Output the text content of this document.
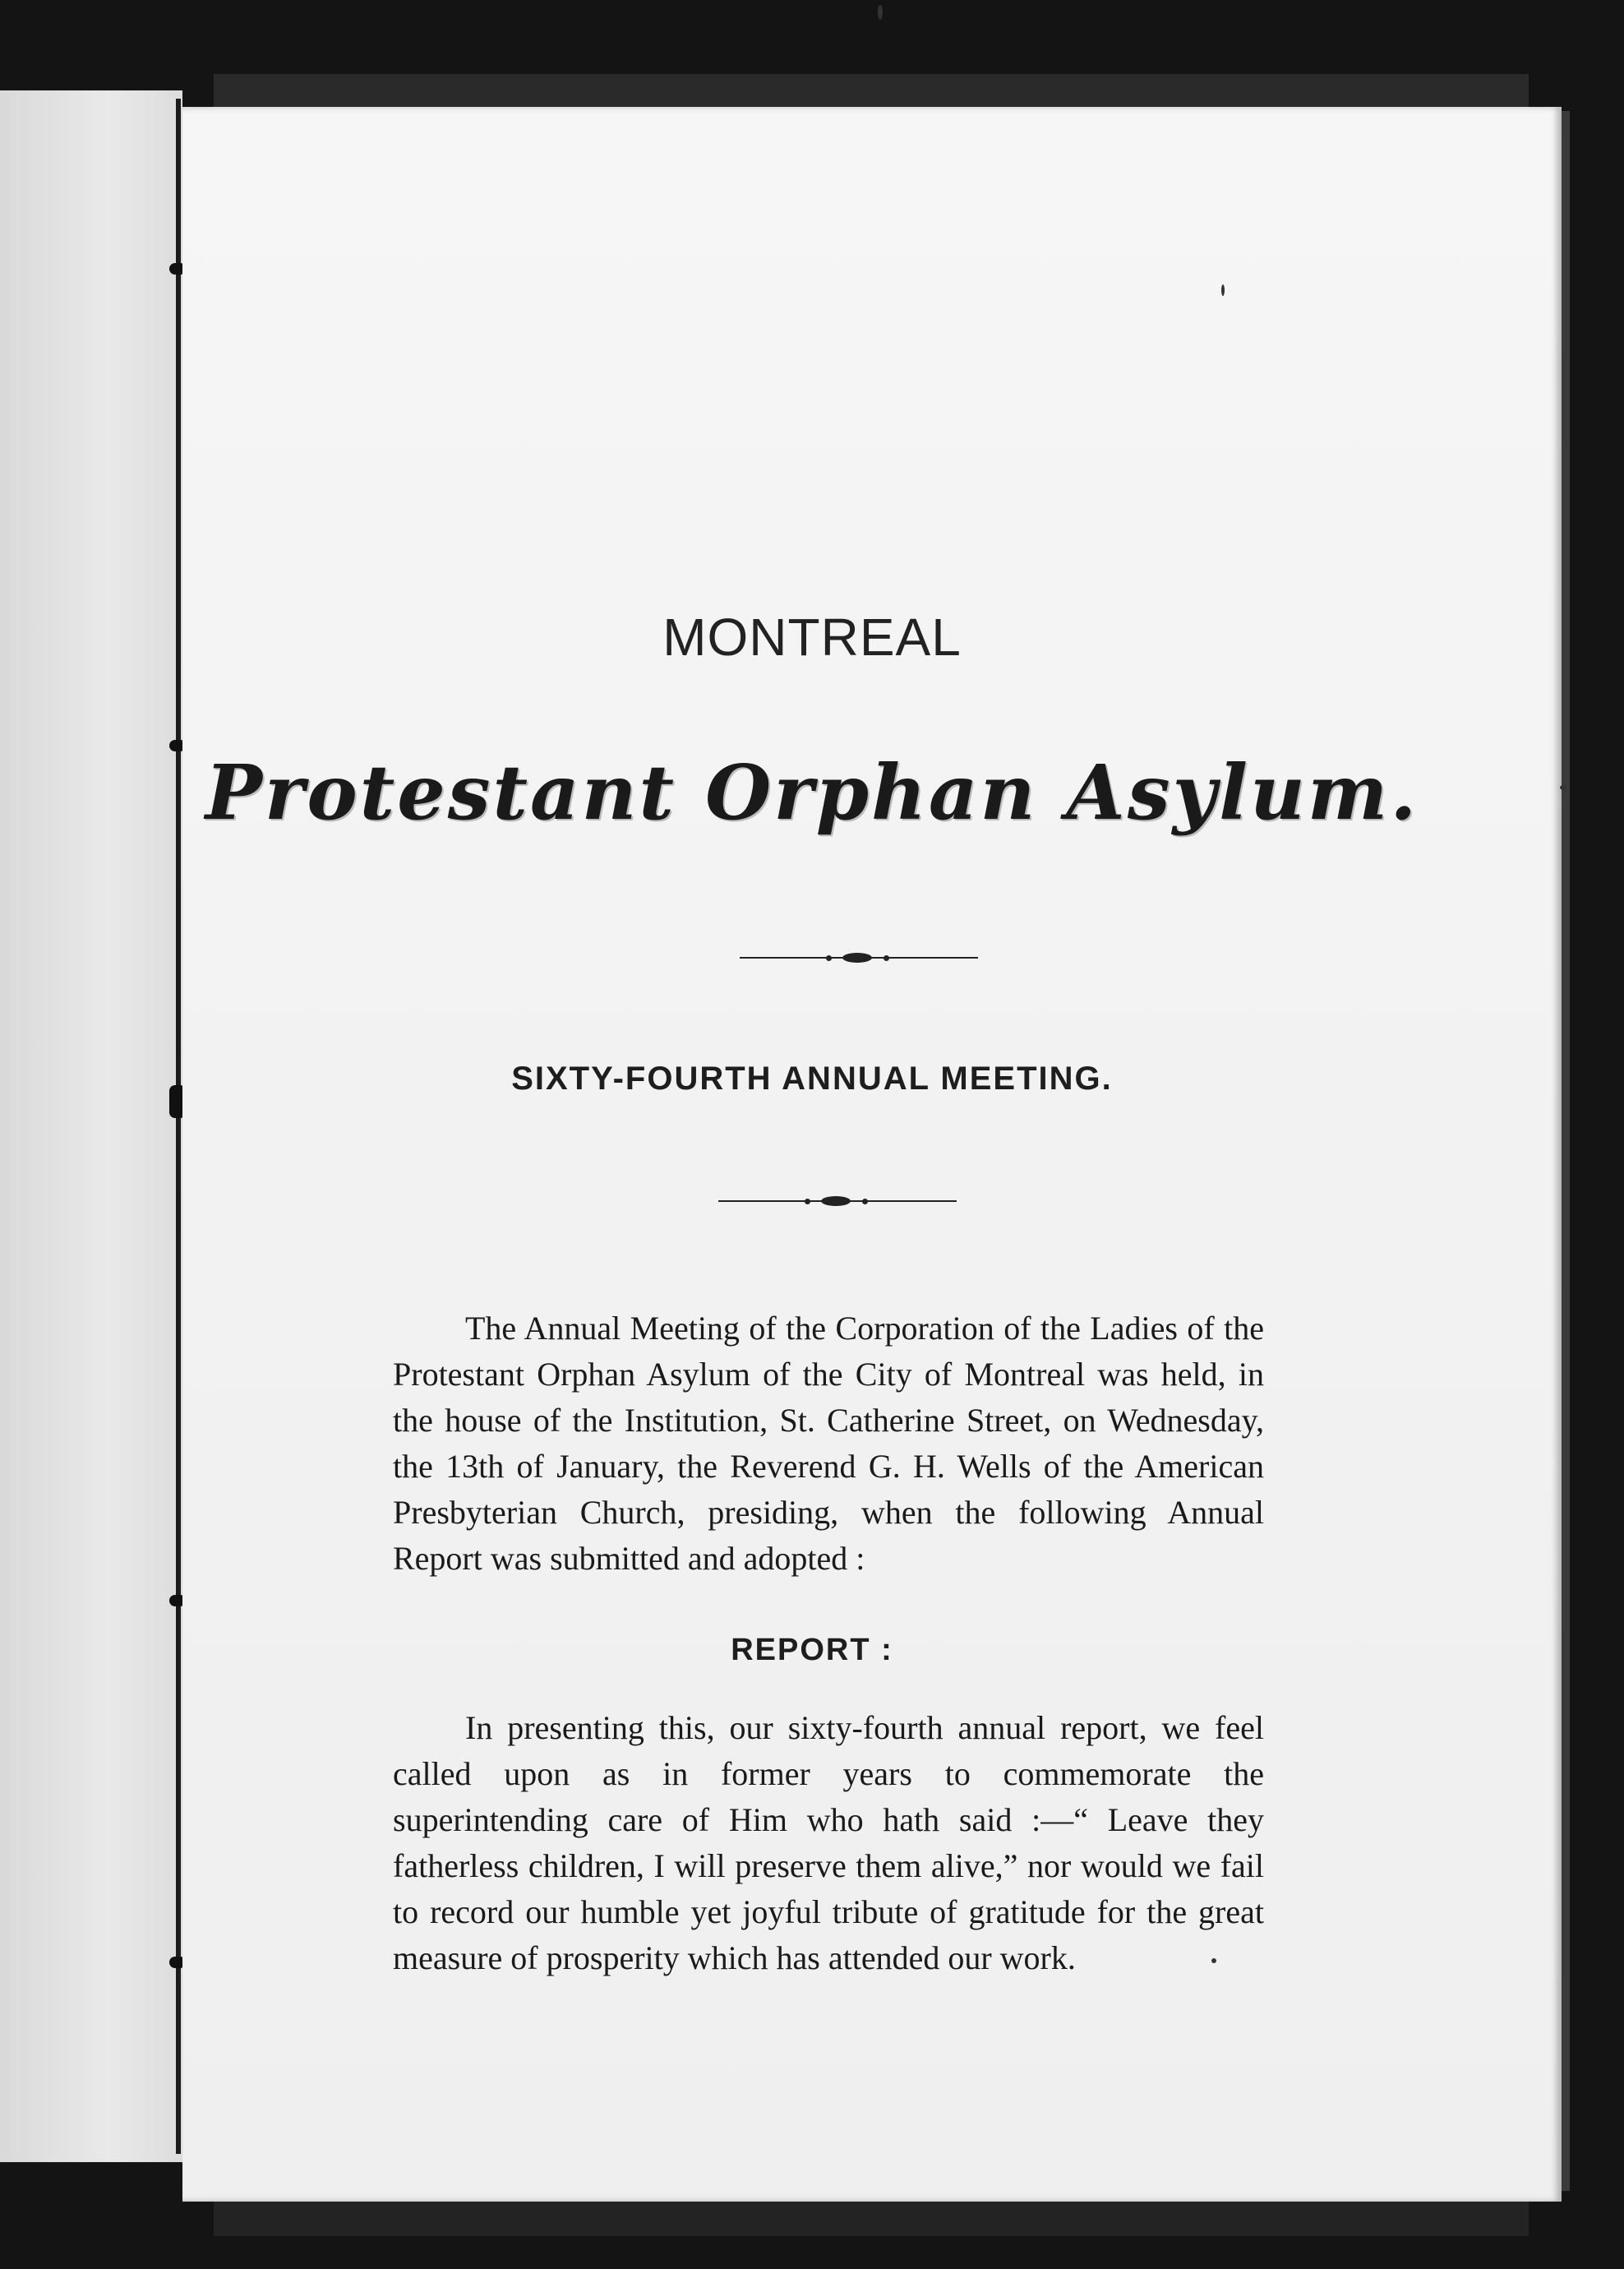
MONTREAL
Protestant Orphan Asylum.
SIXTY-FOURTH ANNUAL MEETING.
The Annual Meeting of the Corporation of the Ladies of the Protestant Orphan Asylum of the City of Montreal was held, in the house of the Institution, St. Catherine Street, on Wednesday, the 13th of January, the Reverend G. H. Wells of the American Presbyterian Church, presiding, when the following Annual Report was submitted and adopted :
REPORT :
In presenting this, our sixty-fourth annual report, we feel called upon as in former years to commemorate the superintending care of Him who hath said :—“ Leave they fatherless children, I will preserve them alive,” nor would we fail to record our humble yet joyful tribute of gratitude for the great measure of prosperity which has attended our work.
